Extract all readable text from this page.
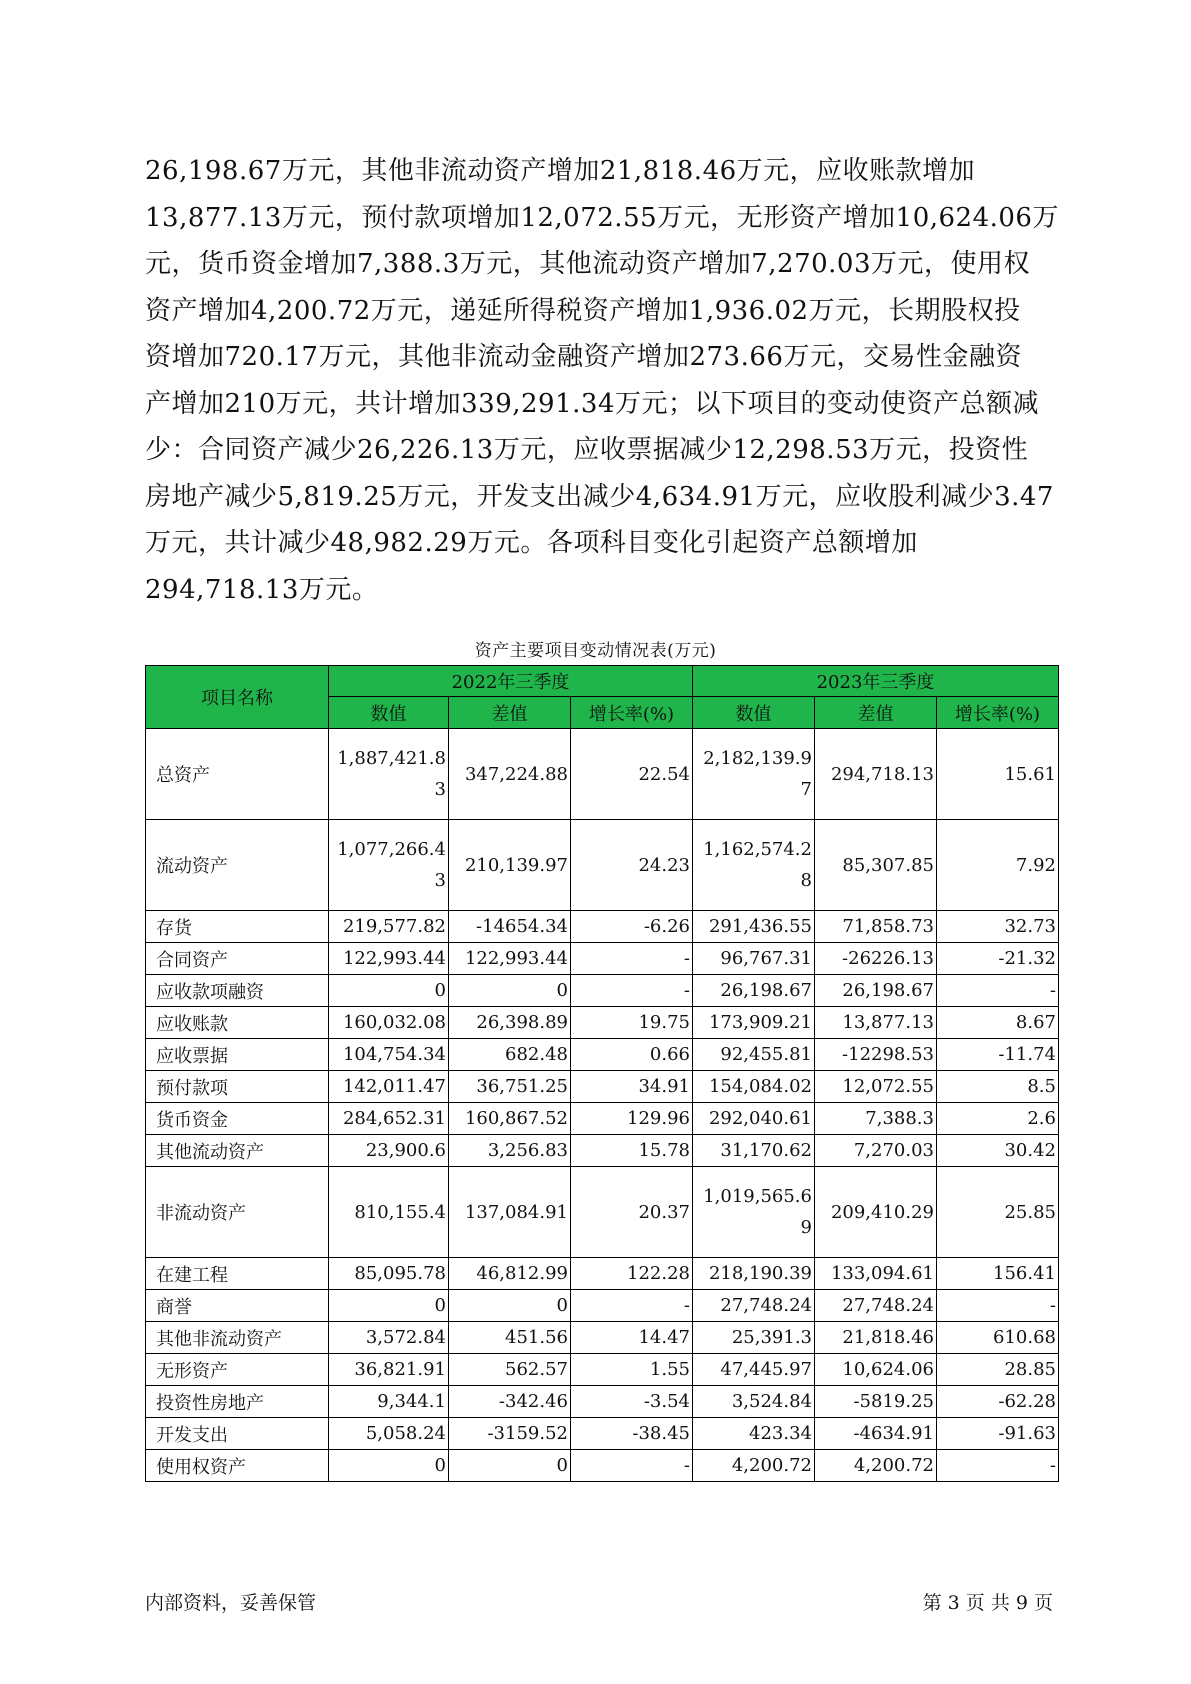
26,198.67万元，其他非流动资产增加21,818.46万元，应收账款增加
13,877.13万元，预付款项增加12,072.55万元，无形资产增加10,624.06万
元，货币资金增加7,388.3万元，其他流动资产增加7,270.03万元，使用权
资产增加4,200.72万元，递延所得税资产增加1,936.02万元，长期股权投
资增加720.17万元，其他非流动金融资产增加273.66万元，交易性金融资
产增加210万元，共计增加339,291.34万元；以下项目的变动使资产总额减
少：合同资产减少26,226.13万元，应收票据减少12,298.53万元，投资性
房地产减少5,819.25万元，开发支出减少4,634.91万元，应收股利减少3.47
万元，共计减少48,982.29万元。各项科目变化引起资产总额增加
294,718.13万元。
资产主要项目变动情况表(万元)
项目名称	2022年三季度			2023年三季度		
	数值	差值	增长率(%)	数值	差值	增长率(%)
总资产	1,887,421.83	347,224.88	22.54	2,182,139.97	294,718.13	15.61
流动资产	1,077,266.43	210,139.97	24.23	1,162,574.28	85,307.85	7.92
存货	219,577.82	-14654.34	-6.26	291,436.55	71,858.73	32.73
合同资产	122,993.44	122,993.44	-	96,767.31	-26226.13	-21.32
应收款项融资	0	0	-	26,198.67	26,198.67	-
应收账款	160,032.08	26,398.89	19.75	173,909.21	13,877.13	8.67
应收票据	104,754.34	682.48	0.66	92,455.81	-12298.53	-11.74
预付款项	142,011.47	36,751.25	34.91	154,084.02	12,072.55	8.5
货币资金	284,652.31	160,867.52	129.96	292,040.61	7,388.3	2.6
其他流动资产	23,900.6	3,256.83	15.78	31,170.62	7,270.03	30.42
非流动资产	810,155.4	137,084.91	20.37	1,019,565.69	209,410.29	25.85
在建工程	85,095.78	46,812.99	122.28	218,190.39	133,094.61	156.41
商誉	0	0	-	27,748.24	27,748.24	-
其他非流动资产	3,572.84	451.56	14.47	25,391.3	21,818.46	610.68
无形资产	36,821.91	562.57	1.55	47,445.97	10,624.06	28.85
投资性房地产	9,344.1	-342.46	-3.54	3,524.84	-5819.25	-62.28
开发支出	5,058.24	-3159.52	-38.45	423.34	-4634.91	-91.63
使用权资产	0	0	-	4,200.72	4,200.72	-
内部资料，妥善保管	第 3 页 共 9 页
